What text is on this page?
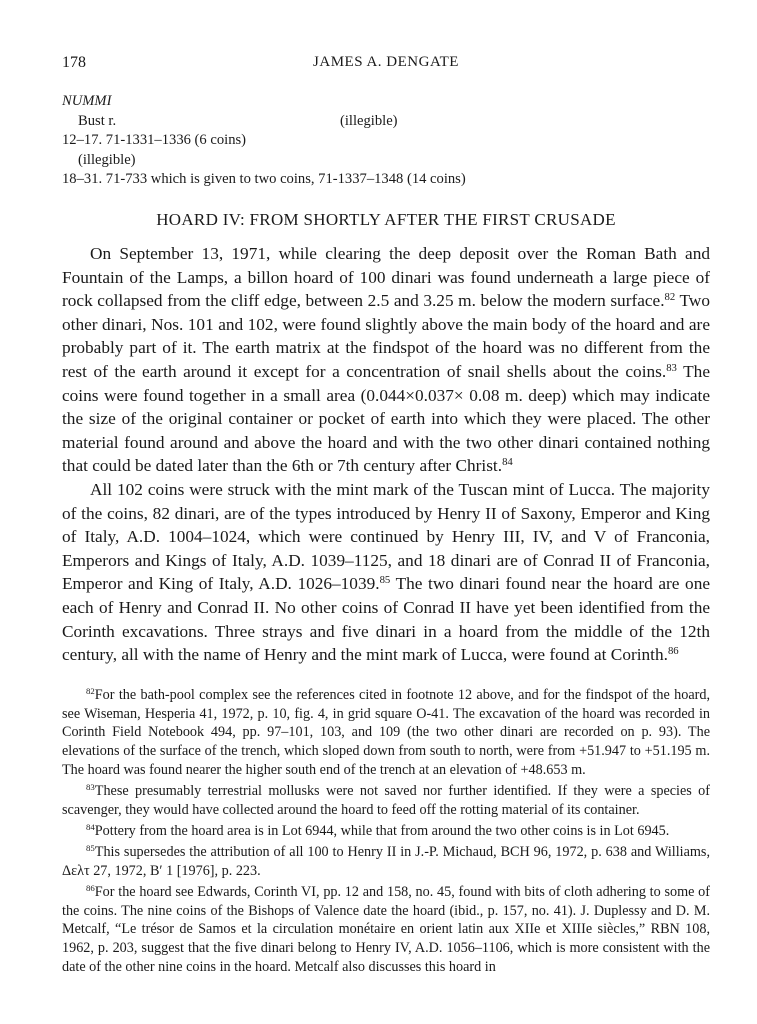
178	JAMES A. DENGATE
NUMMI
Bust r.	(illegible)
12–17. 71-1331–1336 (6 coins)
(illegible)
18–31. 71-733 which is given to two coins, 71-1337–1348 (14 coins)
HOARD IV: FROM SHORTLY AFTER THE FIRST CRUSADE

On September 13, 1971, while clearing the deep deposit over the Roman Bath and Fountain of the Lamps, a billon hoard of 100 dinari was found underneath a large piece of rock collapsed from the cliff edge, between 2.5 and 3.25 m. below the modern surface.$^{82}$ Two other dinari, Nos. 101 and 102, were found slightly above the main body of the hoard and are probably part of it. The earth matrix at the findspot of the hoard was no different from the rest of the earth around it except for a concentration of snail shells about the coins.$^{83}$ The coins were found together in a small area (0.044×0.037× 0.08 m. deep) which may indicate the size of the original container or pocket of earth into which they were placed. The other material found around and above the hoard and with the two other dinari contained nothing that could be dated later than the 6th or 7th century after Christ.$^{84}$

All 102 coins were struck with the mint mark of the Tuscan mint of Lucca. The majority of the coins, 82 dinari, are of the types introduced by Henry II of Saxony, Emperor and King of Italy, A.D. 1004–1024, which were continued by Henry III, IV, and V of Franconia, Emperors and Kings of Italy, A.D. 1039–1125, and 18 dinari are of Conrad II of Franconia, Emperor and King of Italy, A.D. 1026–1039.85 The two dinari found near the hoard are one each of Henry and Conrad II. No other coins of Conrad II have yet been identified from the Corinth excavations. Three strays and five dinari in a hoard from the middle of the 12th century, all with the name of Henry and the mint mark of Lucca, were found at Corinth.$^{86}$

$^{82}$For the bath-pool complex see the references cited in footnote 12 above, and for the findspot of the hoard, see Wiseman, Hesperia 41, 1972, p. 10, fig. 4, in grid square O-41. The excavation of the hoard was recorded in Corinth Field Notebook 494, pp. 97–101, 103, and 109 (the two other dinari are recorded on p. 93). The elevations of the surface of the trench, which sloped down from south to north, were from +51.947 to +51.195 m. The hoard was found nearer the higher south end of the trench at an elevation of +48.653 m.

$^{83}$These presumably terrestrial mollusks were not saved nor further identified. If they were a species of scavenger, they would have collected around the hoard to feed off the rotting material of its container.

$^{84}$Pottery from the hoard area is in Lot 6944, while that from around the two other coins is in Lot 6945.

$^{85}$This supersedes the attribution of all 100 to Henry II in J.-P. Michaud, BCH 96, 1972, p. 638 and Williams, Δελτ 27, 1972, B′ 1 [1976], p. 223.

$^{86}$For the hoard see Edwards, Corinth VI, pp. 12 and 158, no. 45, found with bits of cloth adhering to some of the coins. The nine coins of the Bishops of Valence date the hoard (ibid., p. 157, no. 41). J. Duplessy and D. M. Metcalf, “Le trésor de Samos et la circulation monétaire en orient latin aux XIIe et XIIIe siècles,” RBN 108, 1962, p. 203, suggest that the five dinari belong to Henry IV, A.D. 1056–1106, which is more consistent with the date of the other nine coins in the hoard. Metcalf also discusses this hoard in
